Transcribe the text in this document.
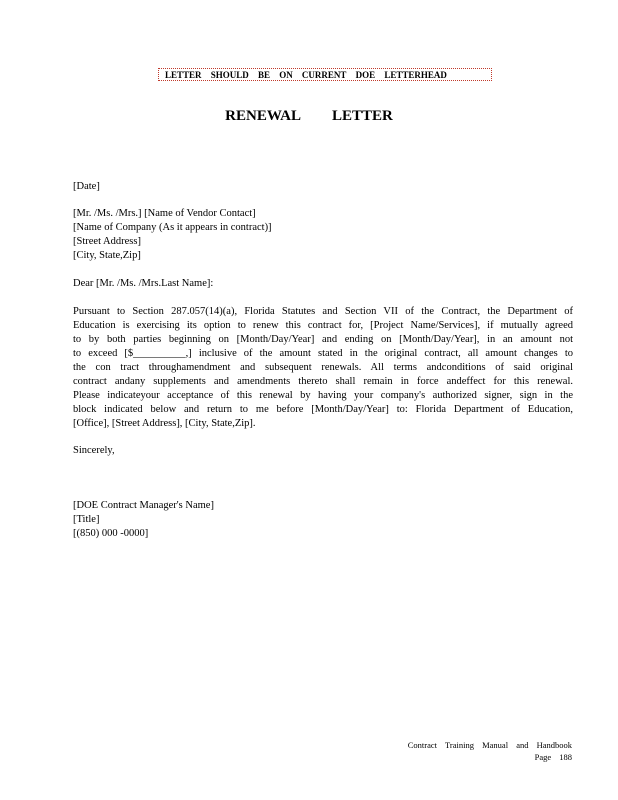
LETTER SHOULD BE ON CURRENT DOE LETTERHEAD
RENEWAL LETTER
[Date]
[Mr. /Ms. /Mrs.] [Name of Vendor Contact]
[Name of Company (As it appears in contract)]
[Street Address]
[City, State,Zip]
Dear [Mr. /Ms. /Mrs.Last Name]:
Pursuant to Section 287.057(14)(a), Florida Statutes and Section VII of the Contract, the Department of
Education is exercising its option to renew this contract for, [Project Name/Services], if mutually agreed
to by both parties beginning on [Month/Day/Year] and ending on [Month/Day/Year], in an amount not
to exceed [$__________,] inclusive of the amount stated in the original contract, all amount changes to
the con tract throughamendment and subsequent renewals. All terms andconditions of said original
contract andany supplements and amendments thereto shall remain in force andeffect for this renewal.
Please indicateyour acceptance of this renewal by having your company's authorized signer, sign in the
block indicated below and return to me before [Month/Day/Year] to: Florida Department of Education,
[Office], [Street Address], [City, State,Zip].
Sincerely,
[DOE Contract Manager's Name]
[Title]
[(850) 000 -0000]
Contract Training Manual and Handbook
Page 188
